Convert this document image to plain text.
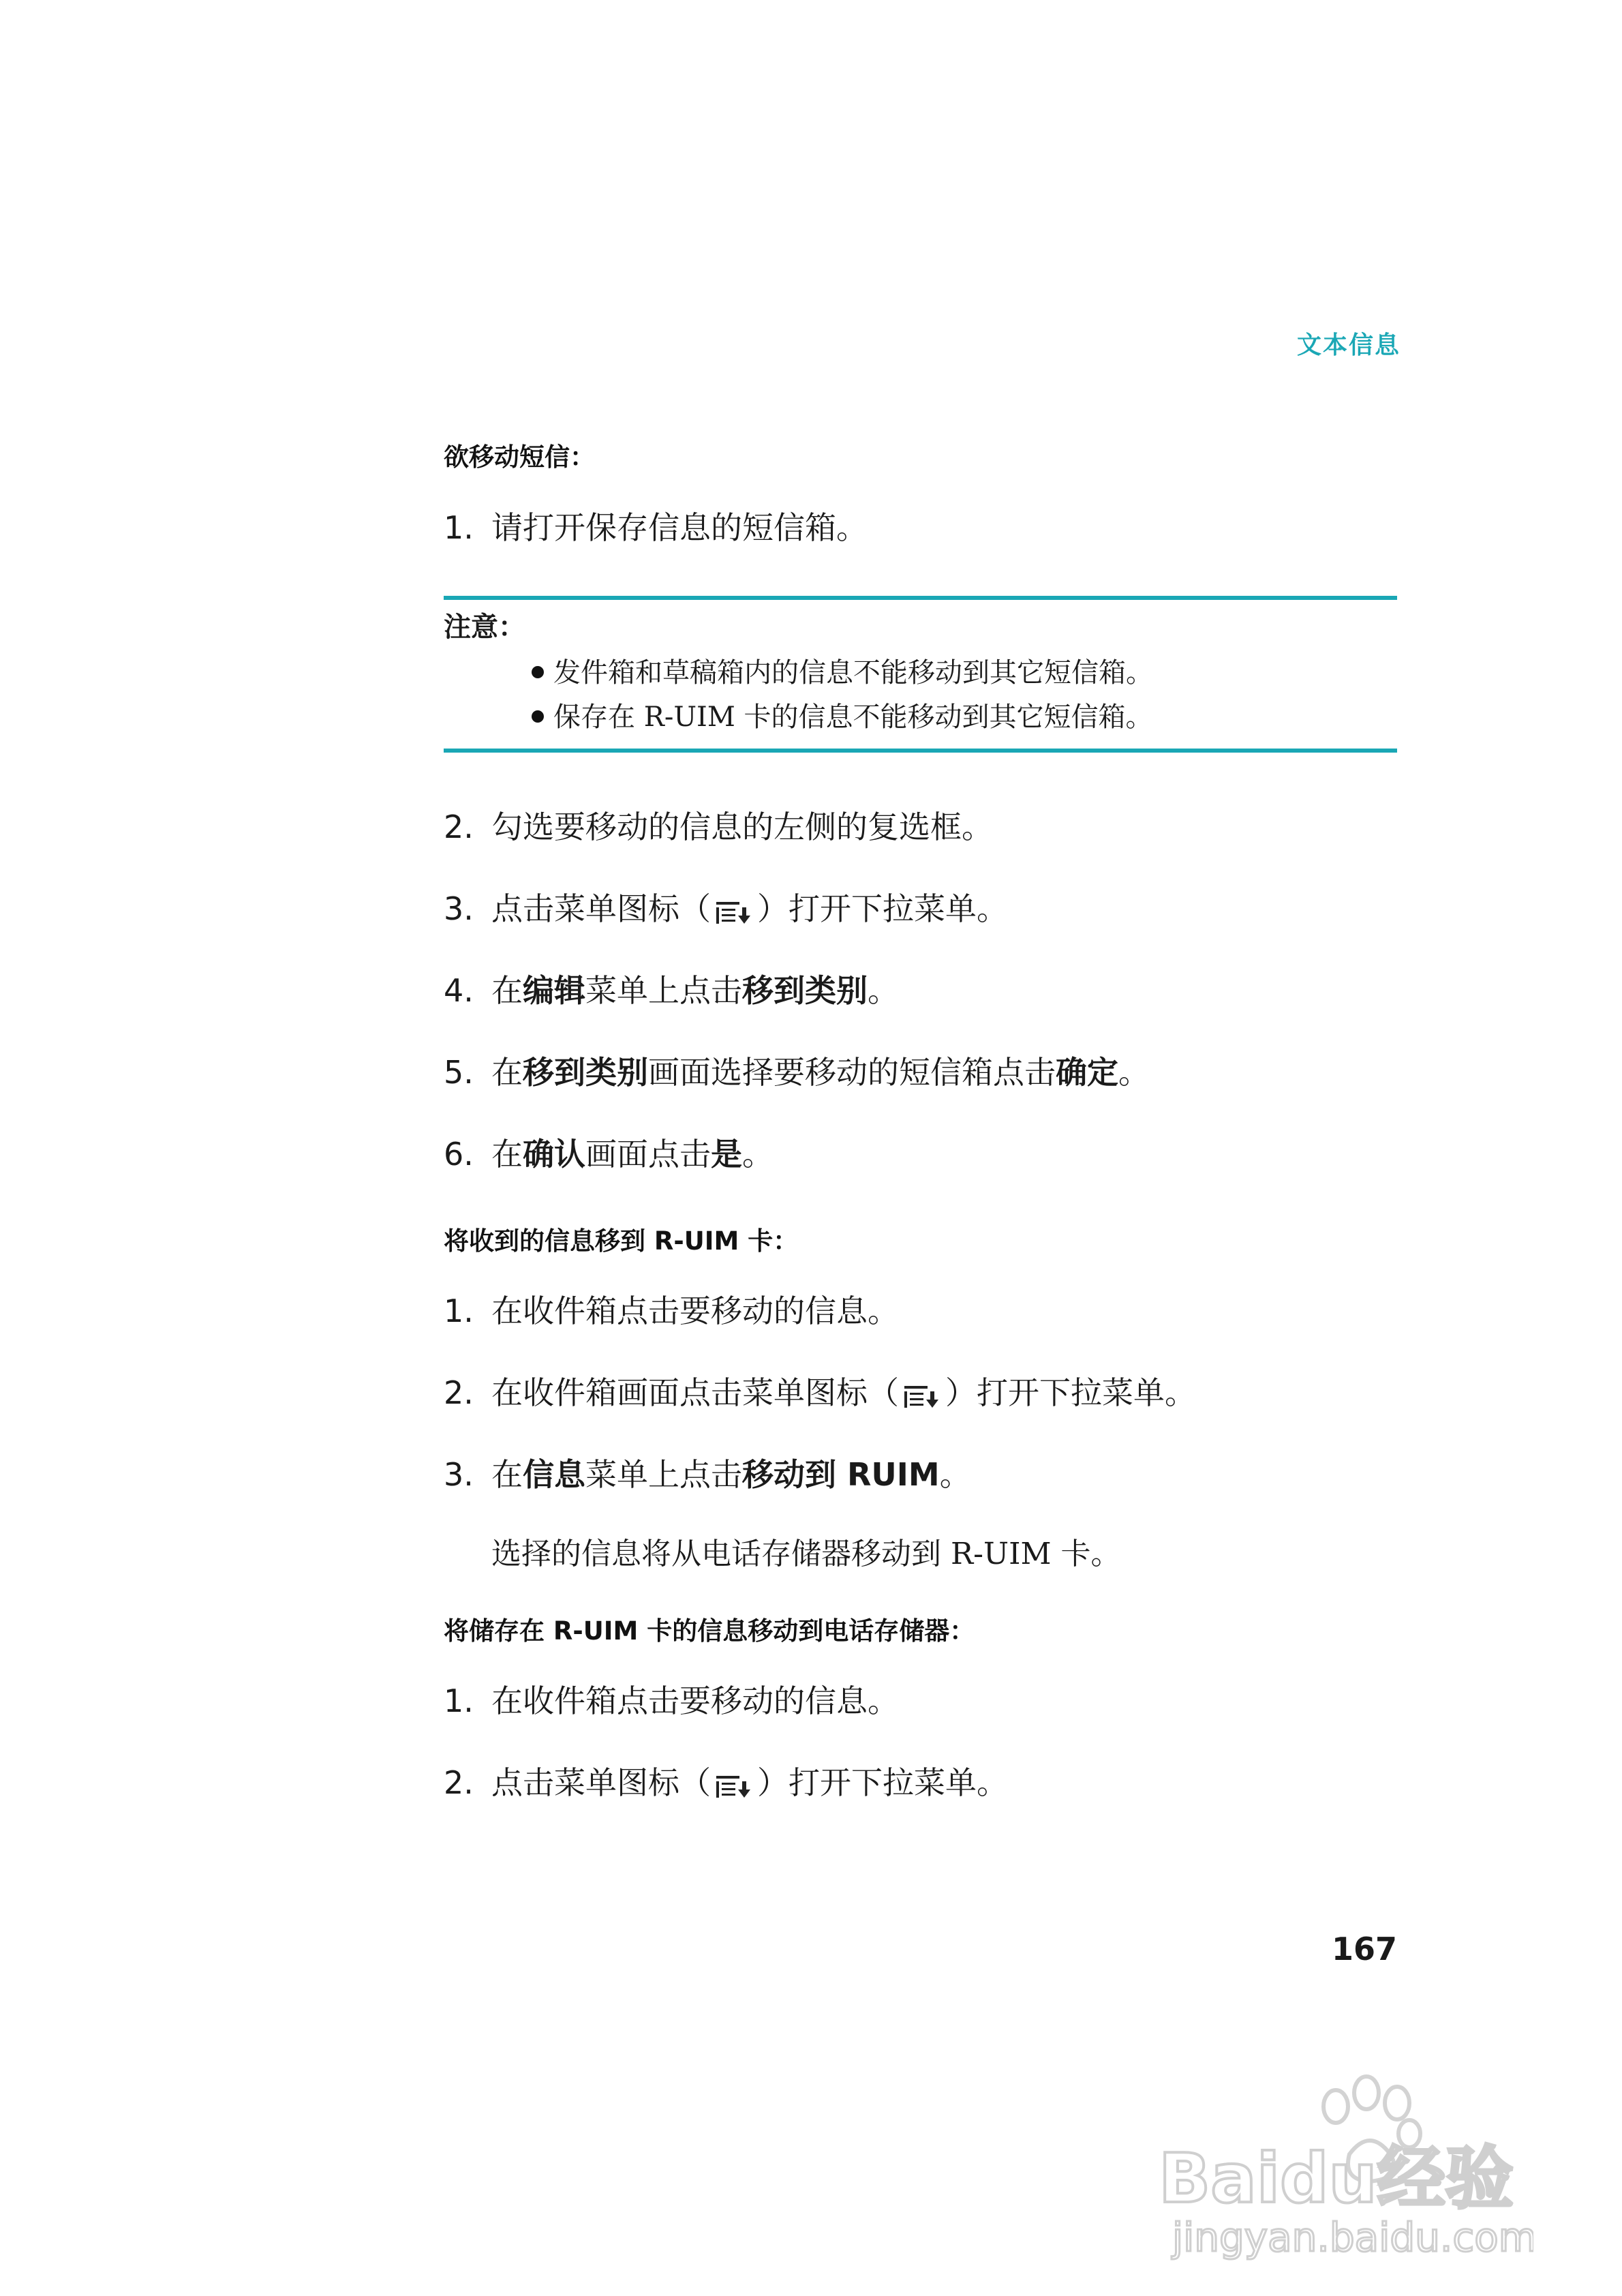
文本信息
欲移动短信：
1. 请打开保存信息的短信箱。
注意：
发件箱和草稿箱内的信息不能移动到其它短信箱。
保存在 R-UIM 卡的信息不能移动到其它短信箱。
2. 勾选要移动的信息的左侧的复选框。
3. 点击菜单图标（ ）打开下拉菜单。
4. 在编辑菜单上点击移到类别。
5. 在移到类别画面选择要移动的短信箱点击确定。
6. 在确认画面点击是。
将收到的信息移到 R-UIM 卡：
1. 在收件箱点击要移动的信息。
2. 在收件箱画面点击菜单图标（ ）打开下拉菜单。
3. 在信息菜单上点击移动到 RUIM。
选择的信息将从电话存储器移动到 R-UIM 卡。
将储存在 R-UIM 卡的信息移动到电话存储器：
1. 在收件箱点击要移动的信息。
2. 点击菜单图标（ ）打开下拉菜单。
167
Baidu经验
jingyan.baidu.com
